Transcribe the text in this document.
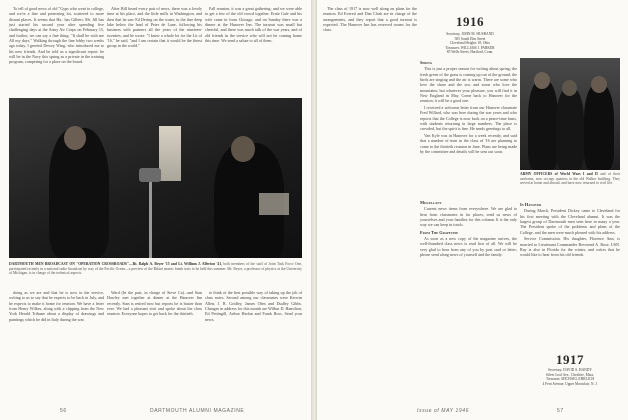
To tell of good news of old "Gyps who went to college, and we're a fine and promising lot, scattered to more distant places. It seems that Ha.. has Gilbert, Mr. Jill has just started his second year after spending five challenging days at the Army Air Corps on February 15, and further, we can say a fine thing: "It shall be with me All my days." Walking through the fine lobby two weeks ago today, I greeted Dewey Wing, who introduced me to his new friends. And he told us a significant report: he will be in the Navy this spring as a private in the training program, competing for a place on the board.

After Bill heard every pair of news, there was a lovely time at his place, and the little mills in Washington, and then that he saw Ed Dering on the water, in the fine deep lake below the land of Peter de Lane, following his business with partners all the years of the nineteen-twenties; and he wrote: "I knew a whole lot for the Lit of '16," he said, "and I am certain that it would be the finest group in the world."

Fall reunion, it was a great gathering; and we were able to get a few of the old crowd together. Ernie Gale and his wife came in from Chicago, and on Sunday there was a dinner at the Hanover Inn. The turnout was small but cheerful, and there was much talk of the war years, and of old friends in the service who will not be coming home this time. We send a salute to all of them.

DARTMOUTH MEN BROADCAST ON "OPERATION CROSSROADS"—Rt. Ralph A. Beyer '15 and Lt. William J. Allerton '41, both members of the staff of Joint Task Force One, participated recently in a national radio broadcast by way of the Pacific Ocean—a preview of the Bikini atomic bomb tests to be held this summer. Mr. Beyer, a professor of physics at the University of Michigan, is in charge of the technical aspects.

doing as we are and that he is now in the service, writing to us to say that he expects to be back in July, and he expects to make it home for reunion. We have a letter from Henry Wilkes, along with a clipping from the New York Herald Tribune about a display of drawings and paintings which he did in Italy during the war.

Ward (In the past, in charge of Steve Ca)...and Stan Hawley met together at dinner at the Hanover Inn recently. Stan is retired now but reports he is busier than ever. We had a pleasant visit and spoke about the class reunion. Everyone hopes to get back for the thirtieth.

to think of the best possible way of taking up the job of class notes. Second among our classmates were Kerwin Allen, J. R. Gridley, James Olen and Dudley Gibbs. Changes in address for this month are Wilbur D. Hamilton, Ed Pettingill, Arthur Harlan and Frank Ross. Send your news.

56	DARTMOUTH ALUMNI MAGAZINE
1916
Secretary, JOHN M. HUSBAND
305 South Elm Street
Cleveland Heights 18, Ohio
Treasurer, WILLIAM J. PARKER
85 Wells Street, Hartford, Conn.
Spring

This is just a proper season for writing about spring; the fresh green of the grass is coming up out of the ground, the birds are singing and the air is warm. There are some who love the shore and the sea, and some who love the mountains; but whatever your pleasure, you will find it in New England in May. Come back to Hanover for the reunion; it will be a good one.

I received a welcome letter from our Hanover classmate Fred Willard, who was here during the war years and who reports that the College is now back on a peace-time basis, with students returning in large numbers. The place is crowded, but the spirit is fine. He sends greetings to all.

Van Kyle was in Hanover for a week recently, and said that a number of men in the class of '16 are planning to come to the thirtieth reunion in June. Plans are being made by the committee and details will be sent out soon.

ARMY OFFICERS of World Wars I and II and of their uniforms, now occupy quarters in the old Walker building. They served at home and abroad, and have now returned to civil life.
In Hanover

During March, President Dickey came to Cleveland for his first meeting with the Cleveland alumni. It was the largest group of Dartmouth men seen here in many a year. The President spoke of the problems and plans of the College, and the men were much pleased with his address.

Service Commission. His daughter, Florence Ann, is married to Lieutenant Commander Reverend A. Rose, USN. Ray is also in Florida for the winter, and writes that he would like to hear from his old friends.

Miscellany

Current news items from everywhere. We are glad to hear from classmates in far places; send us news of yourselves and your families for this column. It is the only way we can keep in touch.

From The Grapevine

As soon as a new copy of the magazine arrives, the well-thumbed class news is read first of all. We will be very glad to hear from any of you by post card or letter; please send along news of yourself and the family.

The class of 1917 is now well along on plans for the reunion. Ed Everett and Dan Clark are in charge of the arrangements, and they report that a good turnout is expected. The Hanover Inn has reserved rooms for the class.

1917
Secretary, DAVID S. HANDY
Silver Leaf Ave., Cheshire, Mass.
Treasurer, MICHAEL EHRLICH
4 Fern Avenue, Upper Montclair, N. J.
Issue of MAY 1946	57
